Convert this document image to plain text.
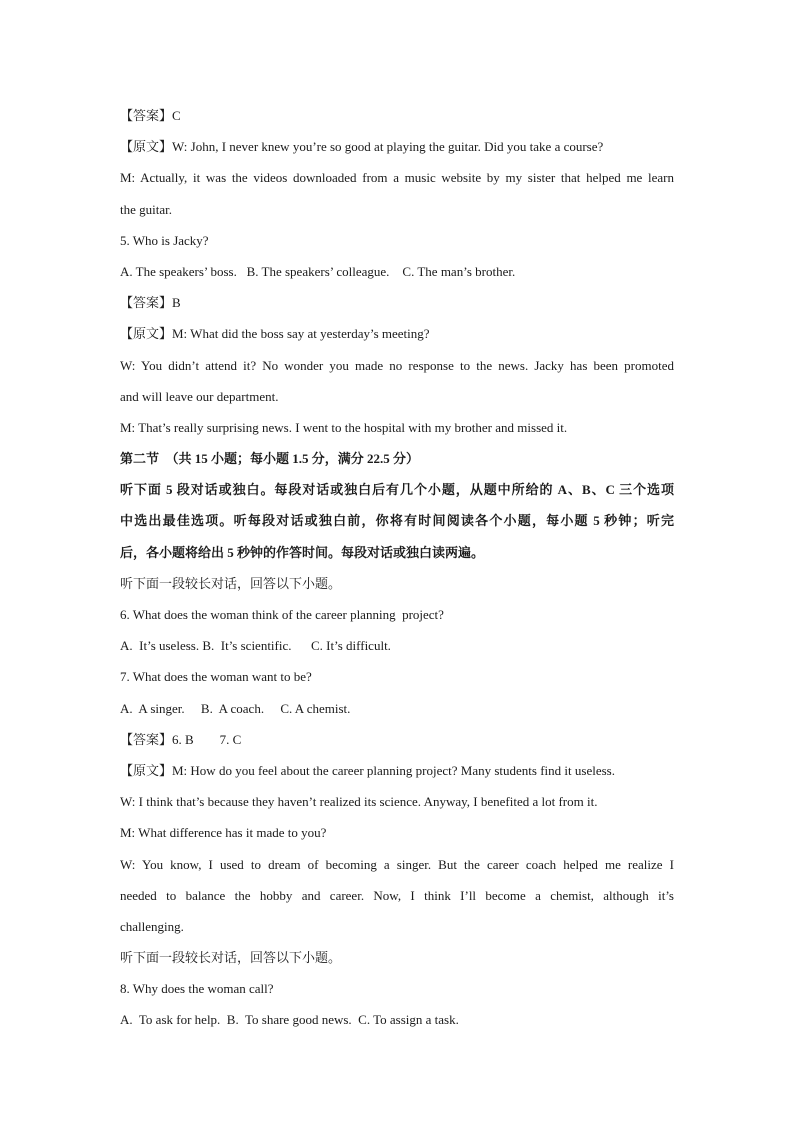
【答案】C
【原文】W: John, I never knew you’re so good at playing the guitar. Did you take a course?
M: Actually, it was the videos downloaded from a music website by my sister that helped me learn
the guitar.
5. Who is Jacky?
A. The speakers’ boss.   B. The speakers’ colleague.    C. The man’s brother.
【答案】B
【原文】M: What did the boss say at yesterday’s meeting?
W: You didn’t attend it? No wonder you made no response to the news. Jacky has been promoted
and will leave our department.
M: That’s really surprising news. I went to the hospital with my brother and missed it.
第二节  （共 15 小题；每小题 1.5 分，满分 22.5 分）
听下面 5 段对话或独白。每段对话或独白后有几个小题，从题中所给的 A、B、C 三个选项
中选出最佳选项。听每段对话或独白前，你将有时间阅读各个小题，每小题 5 秒钟；听完
后，各小题将给出 5 秒钟的作答时间。每段对话或独白读两遍。
听下面一段较长对话，回答以下小题。
6. What does the woman think of the career planning  project?
A.  It’s useless. B.  It’s scientific.      C. It’s difficult.
7. What does the woman want to be?
A.  A singer.     B.  A coach.     C. A chemist.
【答案】6. B        7. C
【原文】M: How do you feel about the career planning project? Many students find it useless.
W: I think that’s because they haven’t realized its science. Anyway, I benefited a lot from it.
M: What difference has it made to you?
W: You know, I used to dream of becoming a singer. But the career coach helped me realize I
needed to balance the hobby and career. Now, I think I’ll become a chemist, although it’s
challenging.
听下面一段较长对话，回答以下小题。
8. Why does the woman call?
A.  To ask for help.  B.  To share good news.  C. To assign a task.
